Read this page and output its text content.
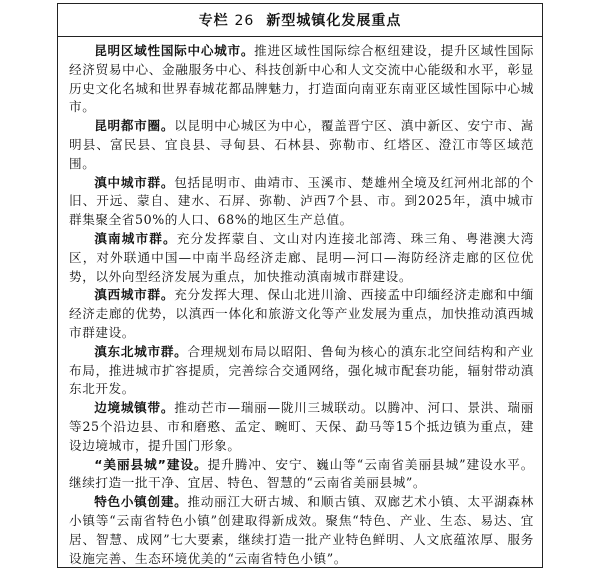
专栏 26 新型城镇化发展重点

昆明区域性国际中心城市。推进区域性国际综合枢纽建设，提升区域性国际经济贸易中心、金融服务中心、科技创新中心和人文交流中心能级和水平，彰显历史文化名城和世界春城花都品牌魅力，打造面向南亚东南亚区域性国际中心城市。

昆明都市圈。以昆明中心城区为中心，覆盖晋宁区、滇中新区、安宁市、嵩明县、富民县、宜良县、寻甸县、石林县、弥勒市、红塔区、澄江市等区域范围。

滇中城市群。包括昆明市、曲靖市、玉溪市、楚雄州全境及红河州北部的个旧、开远、蒙自、建水、石屏、弥勒、泸西7个县、市。到2025年，滇中城市群集聚全省50%的人口、68%的地区生产总值。

滇南城市群。充分发挥蒙自、文山对内连接北部湾、珠三角、粤港澳大湾区，对外联通中国—中南半岛经济走廊、昆明—河口—海防经济走廊的区位优势，以外向型经济发展为重点，加快推动滇南城市群建设。

滇西城市群。充分发挥大理、保山北进川渝、西接孟中印缅经济走廊和中缅经济走廊的优势，以滇西一体化和旅游文化等产业发展为重点，加快推动滇西城市群建设。

滇东北城市群。合理规划布局以昭阳、鲁甸为核心的滇东北空间结构和产业布局，推进城市扩容提质，完善综合交通网络，强化城市配套功能，辐射带动滇东北开发。

边境城镇带。推动芒市—瑞丽—陇川三城联动。以腾冲、河口、景洪、瑞丽等25个沿边县、市和磨憨、孟定、畹町、天保、勐马等15个抵边镇为重点，建设边境城市，提升国门形象。

“美丽县城”建设。提升腾冲、安宁、巍山等“云南省美丽县城”建设水平。继续打造一批干净、宜居、特色、智慧的“云南省美丽县城”。

特色小镇创建。推动丽江大研古城、和顺古镇、双廊艺术小镇、太平湖森林小镇等“云南省特色小镇”创建取得新成效。聚焦“特色、产业、生态、易达、宜居、智慧、成网”七大要素，继续打造一批产业特色鲜明、人文底蕴浓厚、服务设施完善、生态环境优美的“云南省特色小镇”。
